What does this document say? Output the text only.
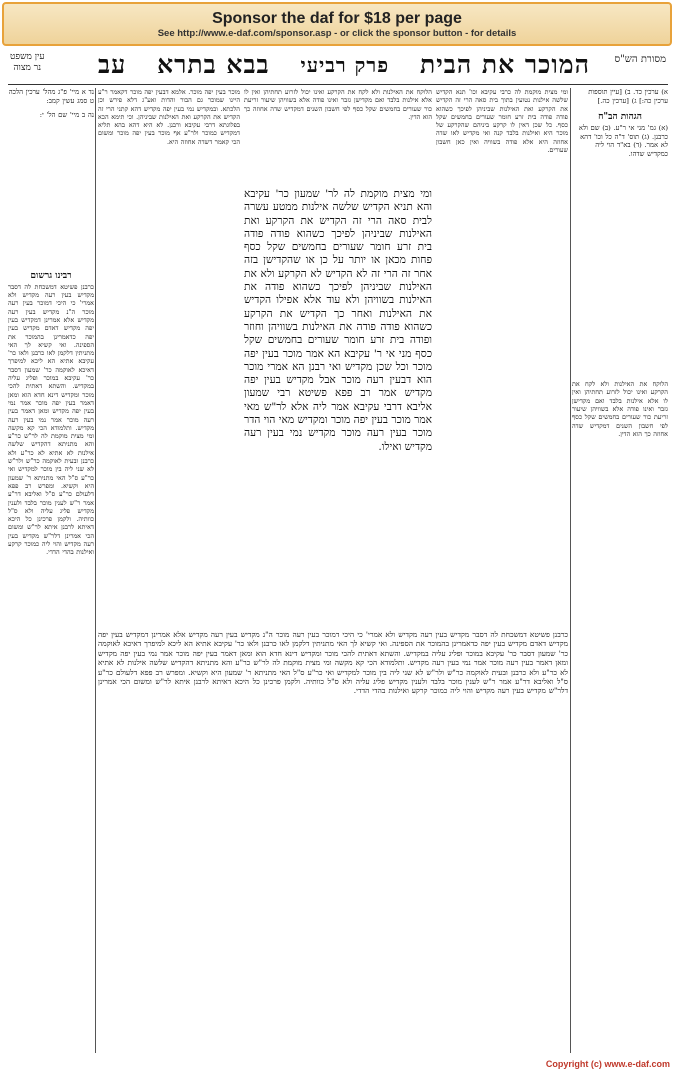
Sponsor the daf for $18 per page
See http://www.e-daf.com/sponsor.asp - or click the sponsor button - for details
מסורת הש"ס
המוכר את הבית
פרק רביעי
בבא בתרא
עב
עין משפט
נר מצוה
א) ערכין כד. ב) [עיין תוספות ערכין כה:] ג) [ערכין כה.]
הגהות הב"ח
(א) גמ' מני אי ר"ע. (ב) שם ולא כרבנן. (ג) תוס' ד"ה כל וכו' דהא לא אמר. (ד) בא"ד הוי ליה כמקדיש שדהו.
הלוקח את האילנות ולא לקח את הקרקע ואינו יכול לזרוע תחתיהן ואין לו אלא אילנות בלבד ואם מקדישן גזבר ואינו פודה אלא בשוויהן שיעור זריעת כור שעורים בחמשים שקל כסף לפי חשבון השנים דמקדיש שדה אחוזה כך הוא הדין.
נד א מיי' פ"ג מהל' ערכין הלכה ט סמג עשין קמב:
נה ב מיי' שם הל' י:
רבינו גרשום
כרבנן פשיטא דמשכחת לה דסבר מקדיש בעין רעה מקדיש ולא אמרי' כי היכי דמוכר בעין רעה מוכר ה"נ מקדיש בעין רעה מקדיש אלא אמרינן דמקדיש בעין יפה מקדיש דאדם מקדיש בעין יפה כדאמרינן בהמוכר את הספינה. ואי קשיא לך האי מתניתין דלקמן לאו כרבנן ולאו כר' עקיבא אתיא הא ליכא למיפרך דאיכא לאוקמה כר' שמעון דסבר כר' עקיבא במוכר ופליג עליה במקדיש. והשתא דאתית להכי מוכר ומקדיש דינא חדא הוא ומאן דאמר בעין יפה מוכר אמר נמי בעין יפה מקדיש ומאן דאמר בעין רעה מוכר אמר נמי בעין רעה מקדיש. ותלמודא הכי קא מקשה ומי מצית מוקמת לה לר"ש כר"ע והא מתניתא דהקדיש שלשה אילנות לא אתיא לא כר"ע ולא כרבנן ובעית לאוקמה כר"ש ולר"ש לא שני ליה בין מוכר למקדיש ואי כר"ע ס"ל האי מתניתא ר' שמעון היא וקשיא. ומפרש רב פפא דלעולם כר"ע ס"ל ואליבא דר"ע אמר ר"ש לענין מוכר בלבד ולענין מקדיש פליג עליה ולא ס"ל כוותיה. ולקמן פרכינן כל היכא דאיתא לרבנן איתא לר"ש ומשום הכי אמרינן דלר"ש מקדיש בעין רעה מקדיש והוי ליה כמוכר קרקע ואילנות בהדי הדדי.
ומי מצית מוקמת לה כרבי עקיבא וכו' תנא הקדיש שלשה אילנות נטועין בתוך בית סאה הרי זה הקדיש את הקרקע ואת האילנות שביניהן לפיכך כשהוא פודה פודה בית זרע חומר שעורים בחמשים שקל כסף. כל שכן דאין לו קרקע ביניהם שהקרקע של מוכר היא ואילנות בלבד קנה ואי מקדיש לאו שדה אחוזה היא אלא פודה בשוויה ואין כאן חשבון שעורים.
מוכר בעין יפה מוכר. אלמא דבעין יפה מוכר דקאמר ר"ע היינו שמוכר גם הבור והדות ואע"ג דלא פירש וכן הלכתא. ובמקדיש נמי בעין יפה מקדיש דהא קתני הרי זה הקדיש את הקרקע ואת האילנות שביניהן. וכי תימא הכא בפלוגתא דרבי עקיבא ורבנן. לא היא דהא בהא תליא דמקדיש כמוכר ולר"ע אף מוכר בעין יפה מוכר ומשום הכי קאמר דשדה אחוזה היא.
הלוקח את האילנות ולא לקח את הקרקע ואינו יכול לזרוע תחתיהן ואין לו אלא אילנות בלבד ואם מקדישן גזבר ואינו פודה אלא בשוויהן שיעור זריעת כור שעורים בחמשים שקל כסף לפי חשבון השנים דמקדיש שדה אחוזה כך הוא הדין.
ומי מצית מוקמת לה לר' שמעון כר' עקיבא והא תניא הקדיש שלשה אילנות ממטע עשרה לבית סאה הרי זה הקדיש את הקרקע ואת האילנות שביניהן לפיכך כשהוא פודה פודה בית זרע חומר שעורים בחמשים שקל כסף פחות מכאן או יותר על כן או שהקדישן בזה אחר זה הרי זה לא הקדיש לא הקרקע ולא את האילנות שביניהן לפיכך כשהוא פודה את האילנות בשוויהן ולא עוד אלא אפילו הקדיש את האילנות ואחר כך הקדיש את הקרקע כשהוא פודה פודה את האילנות בשוויהן וחוזר ופודה בית זרע חומר שעורים בחמשים שקל כסף מני אי ר' עקיבא הא אמר מוכר בעין יפה מוכר וכל שכן מקדיש ואי רבנן הא אמרי מוכר הוא דבעין רעה מוכר אבל מקדיש בעין יפה מקדיש אמר רב פפא פשיטא רבי שמעון אליבא דרבי עקיבא אמר ליה אלא לר"ש מאי אמר מוכר בעין יפה מוכר ומקדיש מאי הוי הדר מוכר בעין רעה מוכר מקדיש נמי בעין רעה מקדיש ואילו.
כרבנן פשיטא דמשכחת לה דסבר מקדיש בעין רעה מקדיש ולא אמרי' כי היכי דמוכר בעין רעה מוכר ה"נ מקדיש בעין רעה מקדיש אלא אמרינן דמקדיש בעין יפה מקדיש דאדם מקדיש בעין יפה כדאמרינן בהמוכר את הספינה. ואי קשיא לך האי מתניתין דלקמן לאו כרבנן ולאו כר' עקיבא אתיא הא ליכא למיפרך דאיכא לאוקמה כר' שמעון דסבר כר' עקיבא במוכר ופליג עליה במקדיש. והשתא דאתית להכי מוכר ומקדיש דינא חדא הוא ומאן דאמר בעין יפה מוכר אמר נמי בעין יפה מקדיש ומאן דאמר בעין רעה מוכר אמר נמי בעין רעה מקדיש. ותלמודא הכי קא מקשה ומי מצית מוקמת לה לר"ש כר"ע והא מתניתא דהקדיש שלשה אילנות לא אתיא לא כר"ע ולא כרבנן ובעית לאוקמה כר"ש ולר"ש לא שני ליה בין מוכר למקדיש ואי כר"ע ס"ל האי מתניתא ר' שמעון היא וקשיא. ומפרש רב פפא דלעולם כר"ע ס"ל ואליבא דר"ע אמר ר"ש לענין מוכר בלבד ולענין מקדיש פליג עליה ולא ס"ל כוותיה. ולקמן פרכינן כל היכא דאיתא לרבנן איתא לר"ש ומשום הכי אמרינן דלר"ש מקדיש בעין רעה מקדיש והוי ליה כמוכר קרקע ואילנות בהדי הדדי.
Copyright (c) www.e-daf.com
